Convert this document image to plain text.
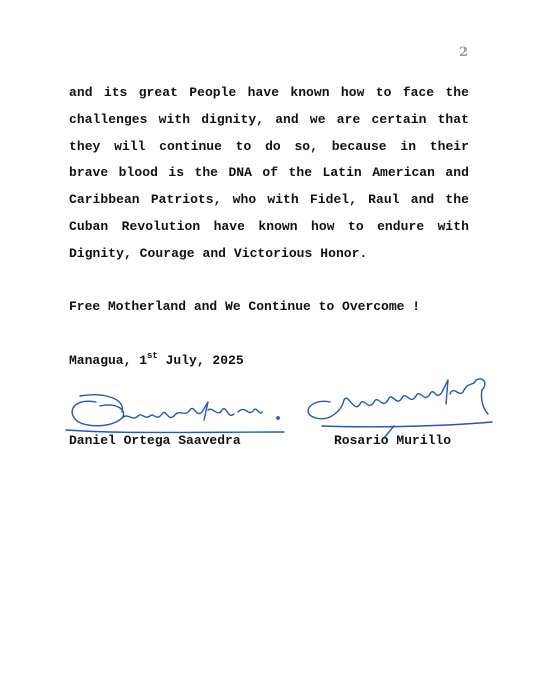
2

and its great People have known how to face the challenges with dignity, and we are certain that they will continue to do so, because in their brave blood is the DNA of the Latin American and Caribbean Patriots, who with Fidel, Raul and the Cuban Revolution have known how to endure with Dignity, Courage and Victorious Honor.

Free Motherland and We Continue to Overcome !

Managua, 1st July, 2025

Daniel Ortega Saavedra	Rosario Murillo
